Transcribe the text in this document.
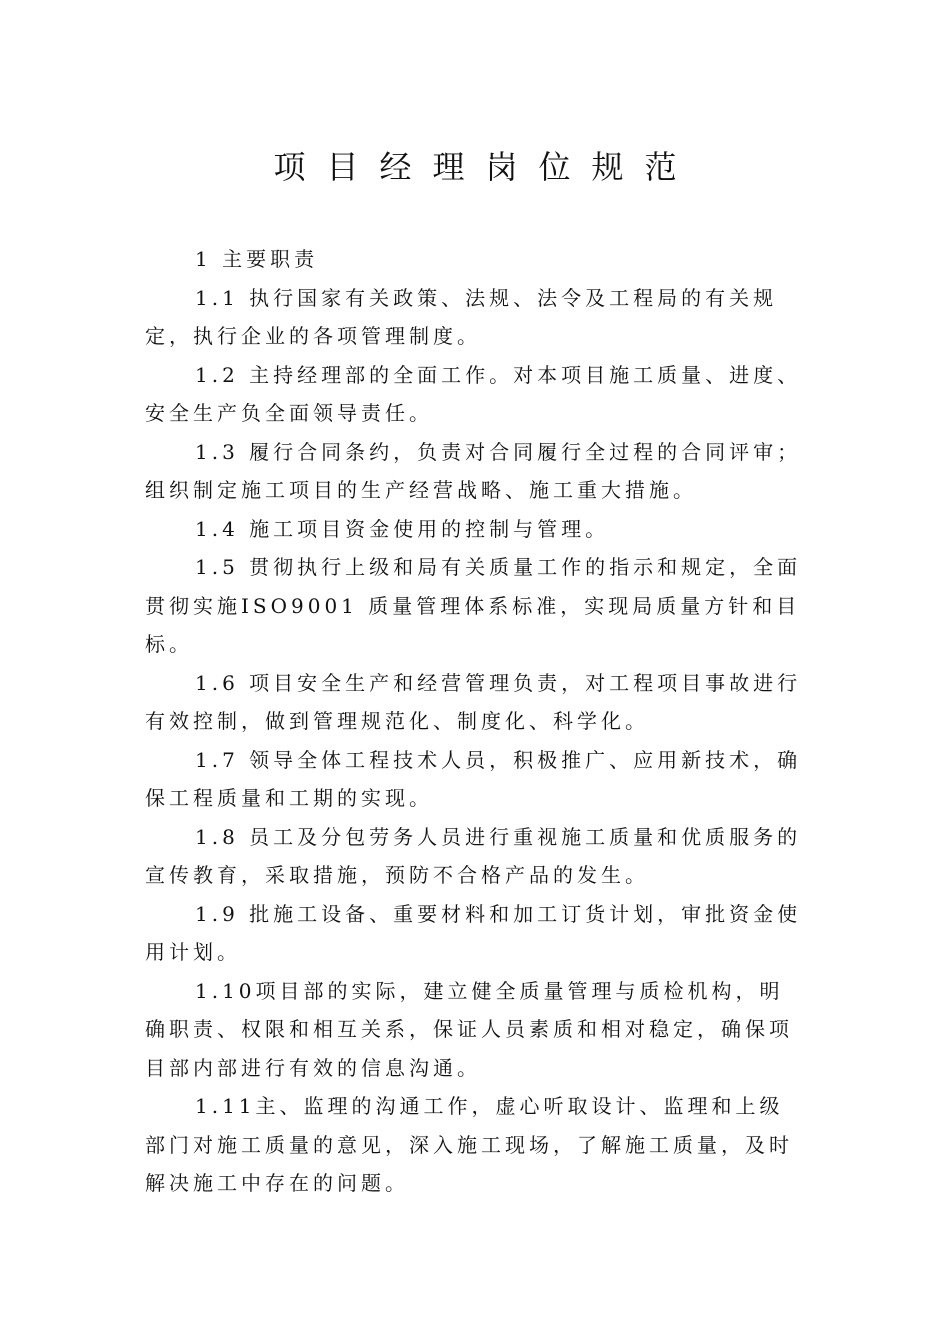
项目经理岗位规范

1 主要职责

1.1 执行国家有关政策、法规、法令及工程局的有关规定，执行企业的各项管理制度。

1.2 主持经理部的全面工作。对本项目施工质量、进度、安全生产负全面领导责任。

1.3 履行合同条约，负责对合同履行全过程的合同评审；组织制定施工项目的生产经营战略、施工重大措施。

1.4 施工项目资金使用的控制与管理。

1.5 贯彻执行上级和局有关质量工作的指示和规定，全面贯彻实施ISO9001 质量管理体系标准，实现局质量方针和目标。

1.6 项目安全生产和经营管理负责，对工程项目事故进行有效控制，做到管理规范化、制度化、科学化。

1.7 领导全体工程技术人员，积极推广、应用新技术，确保工程质量和工期的实现。

1.8 员工及分包劳务人员进行重视施工质量和优质服务的宣传教育，采取措施，预防不合格产品的发生。

1.9 批施工设备、重要材料和加工订货计划，审批资金使用计划。

1.10项目部的实际，建立健全质量管理与质检机构，明确职责、权限和相互关系，保证人员素质和相对稳定，确保项目部内部进行有效的信息沟通。

1.11主、监理的沟通工作，虚心听取设计、监理和上级部门对施工质量的意见，深入施工现场，了解施工质量，及时解决施工中存在的问题。
